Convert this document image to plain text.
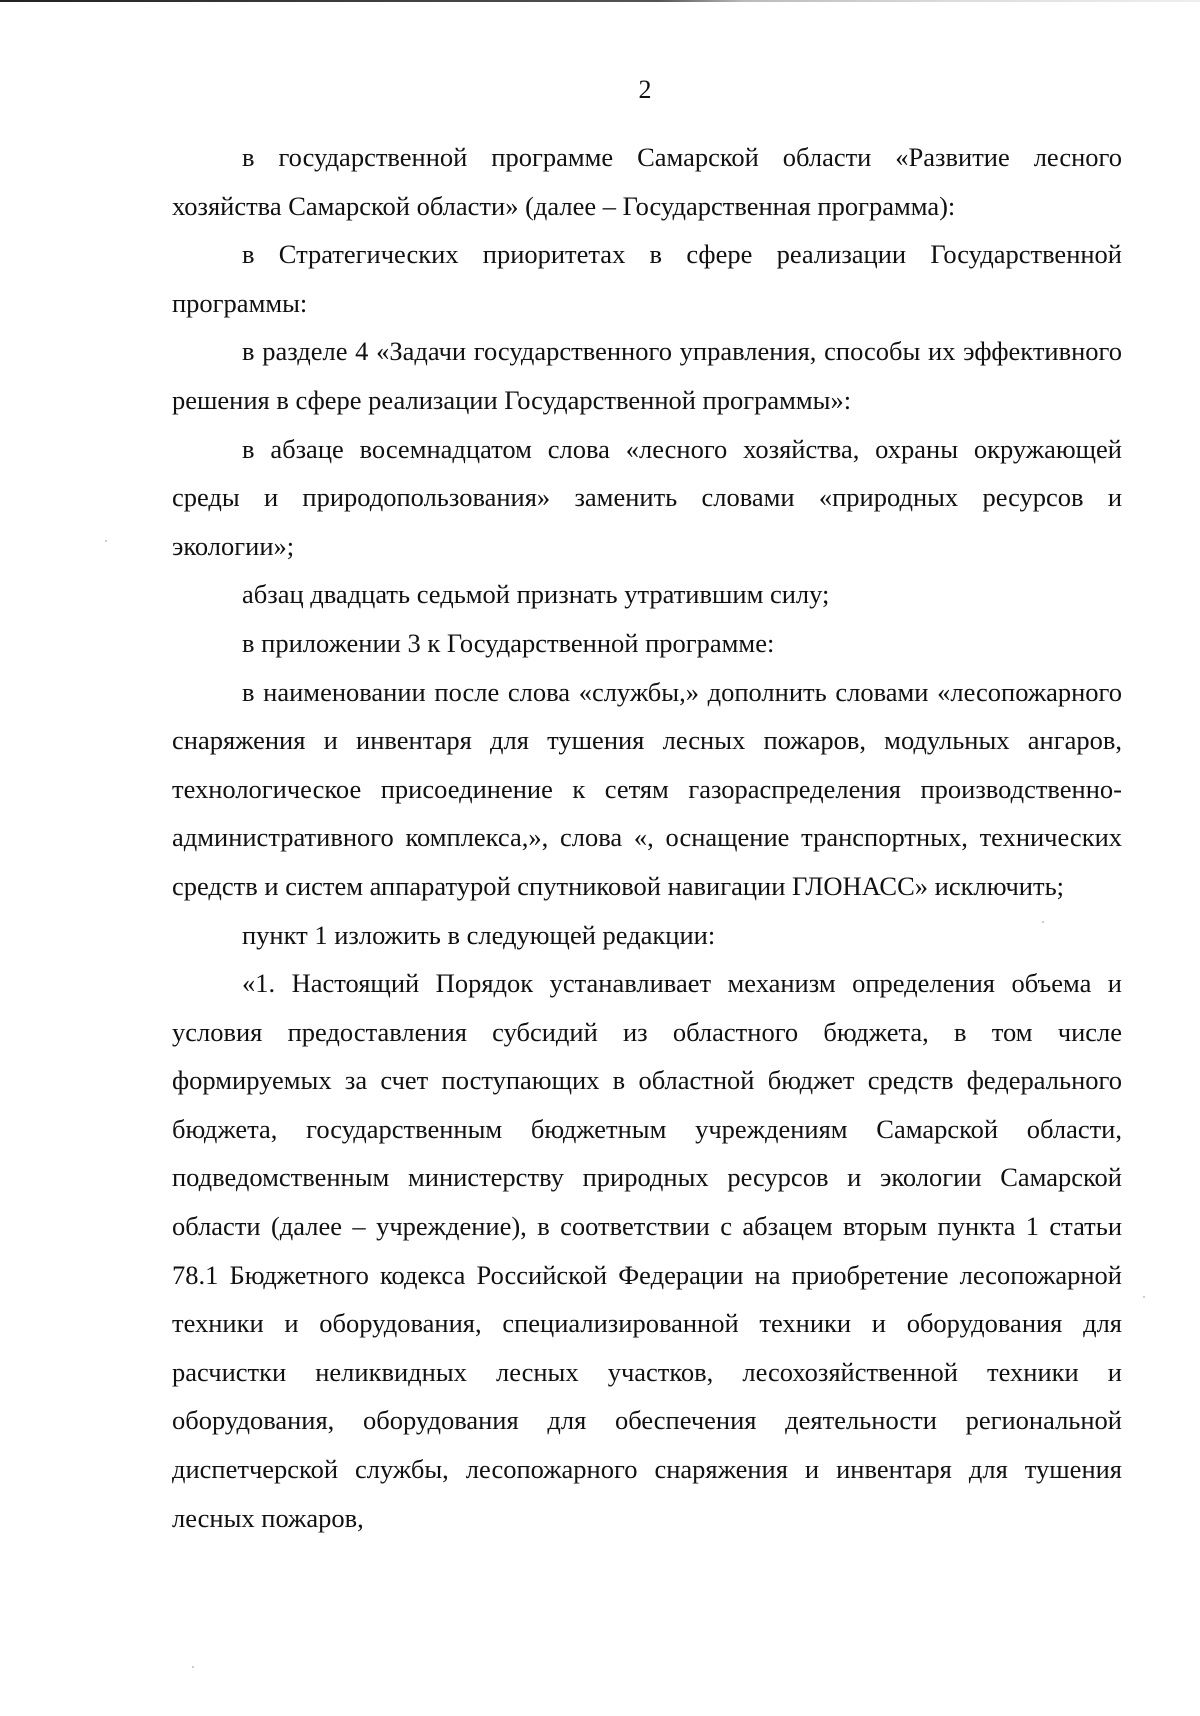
2

в государственной программе Самарской области «Развитие лесного хозяйства Самарской области» (далее – Государственная программа):

в Стратегических приоритетах в сфере реализации Государственной программы:

в разделе 4 «Задачи государственного управления, способы их эффективного решения в сфере реализации Государственной программы»:

в абзаце восемнадцатом слова «лесного хозяйства, охраны окружающей среды и природопользования» заменить словами «природных ресурсов и экологии»;

абзац двадцать седьмой признать утратившим силу;

в приложении 3 к Государственной программе:

в наименовании после слова «службы,» дополнить словами «лесопожарного снаряжения и инвентаря для тушения лесных пожаров, модульных ангаров, технологическое присоединение к сетям газораспределения производственно-административного комплекса,», слова «, оснащение транспортных, технических средств и систем аппаратурой спутниковой навигации ГЛОНАСС» исключить;

пункт 1 изложить в следующей редакции:

«1. Настоящий Порядок устанавливает механизм определения объема и условия предоставления субсидий из областного бюджета, в том числе формируемых за счет поступающих в областной бюджет средств федерального бюджета, государственным бюджетным учреждениям Самарской области, подведомственным министерству природных ресурсов и экологии Самарской области (далее – учреждение), в соответствии с абзацем вторым пункта 1 статьи 78.1 Бюджетного кодекса Российской Федерации на приобретение лесопожарной техники и оборудования, специализированной техники и оборудования для расчистки неликвидных лесных участков, лесохозяйственной техники и оборудования, оборудования для обеспечения деятельности региональной диспетчерской службы, лесопожарного снаряжения и инвентаря для тушения лесных пожаров,
